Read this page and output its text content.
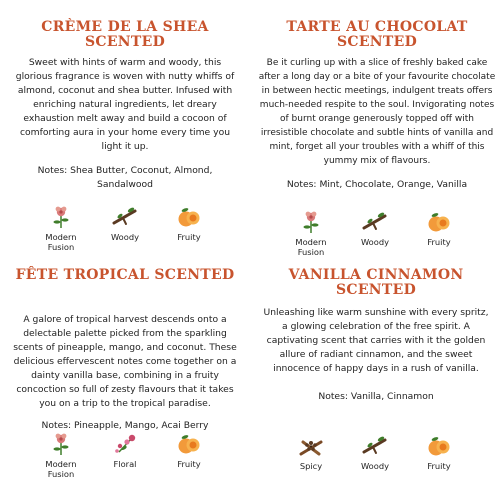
CRÈME DE LA SHEA SCENTED

Sweet with hints of warm and woody, this glorious fragrance is woven with nutty whiffs of almond, coconut and shea butter. Infused with enriching natural ingredients, let dreary exhaustion melt away and build a cocoon of comforting aura in your home every time you light it up.

Notes: Shea Butter, Coconut, Almond, Sandalwood

Modern Fusion
Woody	Fruity
TARTE AU CHOCOLAT SCENTED

Be it curling up with a slice of freshly baked cake after a long day or a bite of your favourite chocolate in between hectic meetings, indulgent treats offers much-needed respite to the soul. Invigorating notes of burnt orange generously topped off with irresistible chocolate and subtle hints of vanilla and mint, forget all your troubles with a whiff of this yummy mix of flavours.

Notes: Mint, Chocolate, Orange, Vanilla

Modern Fusion
Woody	Fruity
FÊTE TROPICAL SCENTED

A galore of tropical harvest descends onto a delectable palette picked from the sparkling scents of pineapple, mango, and coconut. These delicious effervescent notes come together on a dainty vanilla base, combining in a fruity concoction so full of zesty flavours that it takes you on a trip to the tropical paradise.

Notes: Pineapple, Mango, Acai Berry

Modern Fusion
Floral	Fruity
VANILLA CINNAMON SCENTED

Unleashing like warm sunshine with every spritz, a glowing celebration of the free spirit. A captivating scent that carries with it the golden allure of radiant cinnamon, and the sweet innocence of happy days in a rush of vanilla.

Notes: Vanilla, Cinnamon

Spicy	Woody	Fruity
